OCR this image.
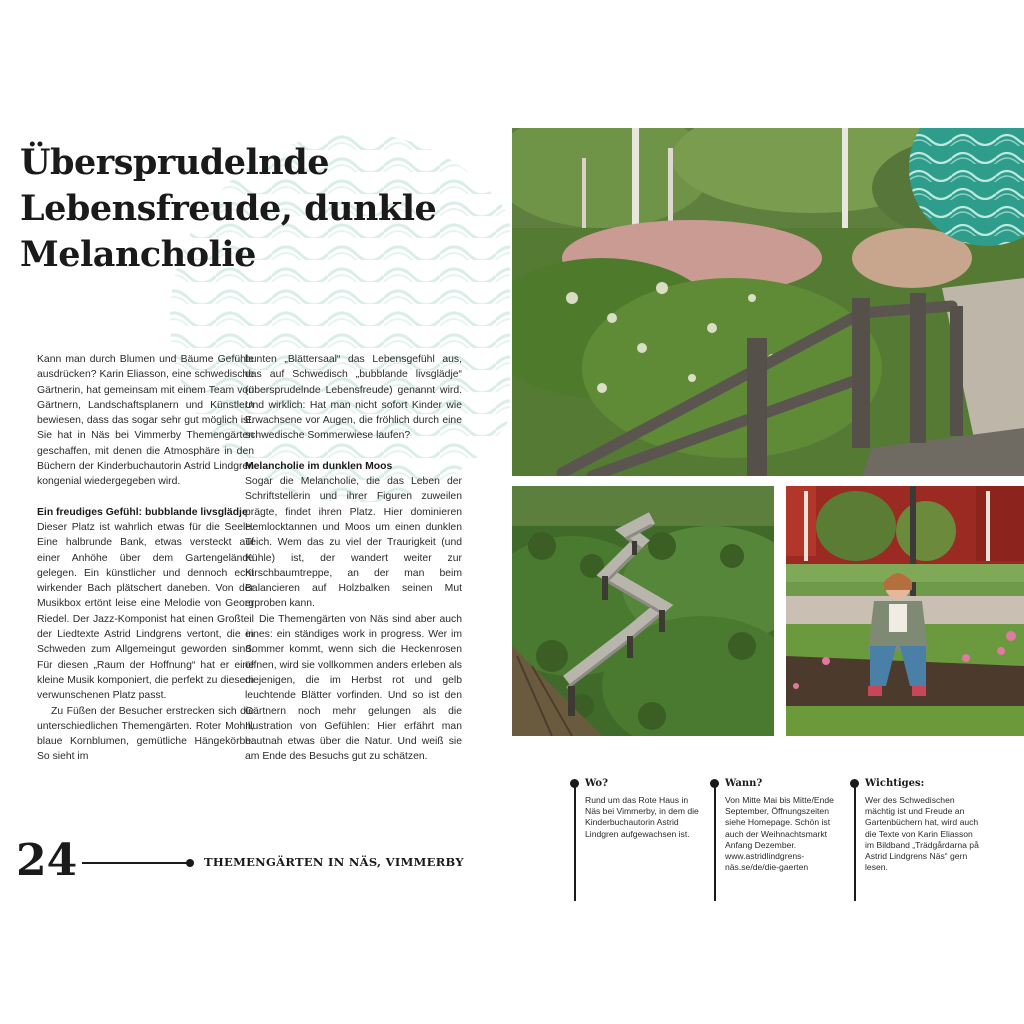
Übersprudelnde
Lebensfreude, dunkle
Melancholie

Kann man durch Blumen und Bäume Gefühle ausdrücken? Karin Eliasson, eine schwedische Gärtnerin, hat gemeinsam mit einem Team von Gärtnern, Landschaftsplanern und Künstlern bewiesen, dass das sogar sehr gut möglich ist. Sie hat in Näs bei Vimmerby Themengärten geschaffen, mit denen die Atmosphäre in den Büchern der Kinderbuchautorin Astrid Lindgren kongenial wiedergegeben wird.

Ein freudiges Gefühl: bubblande livsglädje

Dieser Platz ist wahrlich etwas für die Seele. Eine halbrunde Bank, etwas versteckt auf einer Anhöhe über dem Gartengelände gelegen. Ein künstlicher und dennoch echt wirkender Bach plätschert daneben. Von der Musikbox ertönt leise eine Melodie von Georg Riedel. Der Jazz-Komponist hat einen Großteil der Liedtexte Astrid Lindgrens vertont, die in Schweden zum Allgemeingut geworden sind. Für diesen „Raum der Hoffnung“ hat er eine kleine Musik komponiert, die perfekt zu diesem verwunschenen Platz passt.

Zu Füßen der Besucher erstrecken sich die unterschiedlichen Themengärten. Roter Mohn, blaue Kornblumen, gemütliche Hängekörbe: So sieht im

bunten „Blättersaal“ das Lebensgefühl aus, das auf Schwedisch „bubblande livsglädje“ (übersprudelnde Lebensfreude) genannt wird. Und wirklich: Hat man nicht sofort Kinder wie Erwachsene vor Augen, die fröhlich durch eine schwedische Sommerwiese laufen?

Melancholie im dunklen Moos

Sogar die Melancholie, die das Leben der Schriftstellerin und ihrer Figuren zuweilen prägte, findet ihren Platz. Hier dominieren Hemlocktannen und Moos um einen dunklen Teich. Wem das zu viel der Traurigkeit (und Kühle) ist, der wandert weiter zur Kirschbaumtreppe, an der man beim Balancieren auf Holzbalken seinen Mut erproben kann.

Die Themengärten von Näs sind aber auch eines: ein ständiges work in progress. Wer im Sommer kommt, wenn sich die Heckenrosen öffnen, wird sie vollkommen anders erleben als diejenigen, die im Herbst rot und gelb leuchtende Blätter vorfinden. Und so ist den Gärtnern noch mehr gelungen als die Illustration von Gefühlen: Hier erfährt man hautnah etwas über die Natur. Und weiß sie am Ende des Besuchs gut zu schätzen.

24	THEMENGÄRTEN IN NÄS, VIMMERBY
Wo?

Rund um das Rote Haus in Näs bei Vimmerby, in dem die Kinderbuchautorin Astrid Lindgren aufgewachsen ist.

Wann?

Von Mitte Mai bis Mitte/Ende September, Öffnungszeiten siehe Homepage. Schön ist auch der Weihnachtsmarkt Anfang Dezember. www.astridlindgrens-näs.se/de/die-gaerten

Wichtiges:

Wer des Schwedischen mächtig ist und Freude an Gartenbüchern hat, wird auch die Texte von Karin Eliasson im Bildband „Trädgårdarna på Astrid Lindgrens Näs“ gern lesen.
